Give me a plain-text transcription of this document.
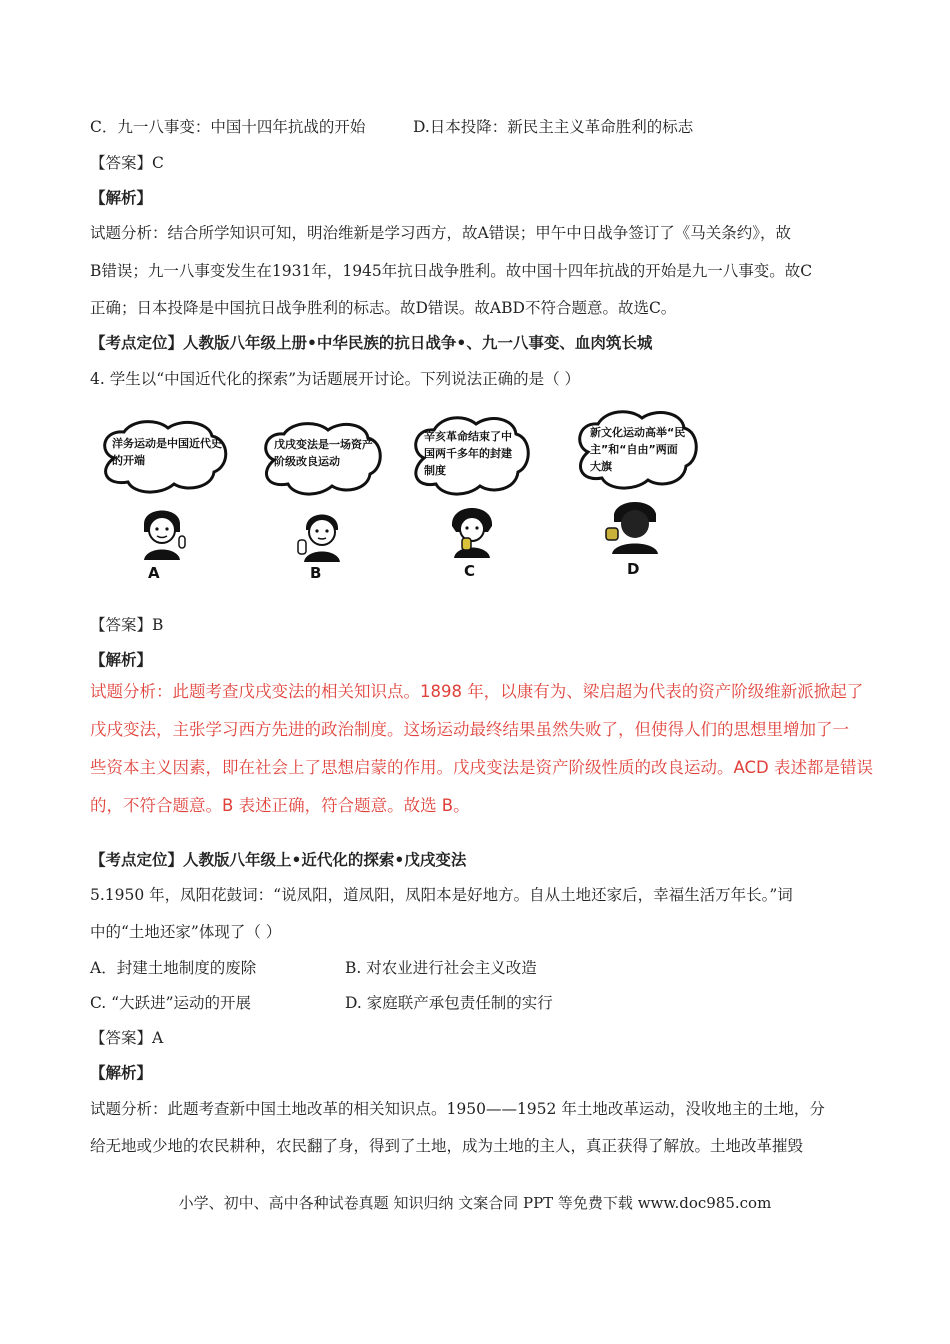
C．九一八事变：中国十四年抗战的开始	D.日本投降：新民主主义革命胜利的标志
【答案】C
【解析】
试题分析：结合所学知识可知，明治维新是学习西方，故A错误；甲午中日战争签订了《马关条约》，故
B错误；九一八事变发生在1931年，1945年抗日战争胜利。故中国十四年抗战的开始是九一八事变。故C
正确；日本投降是中国抗日战争胜利的标志。故D错误。故ABD不符合题意。故选C。
【考点定位】人教版八年级上册•中华民族的抗日战争•、九一八事变、血肉筑长城
4. 学生以“中国近代化的探索”为话题展开讨论。下列说法正确的是（ ）
洋务运动是中国近代史的开端
戊戌变法是一场资产阶级改良运动
辛亥革命结束了中国两千多年的封建制度
新文化运动高举“民主”和“自由”两面大旗
A	B	C	D
【答案】B
【解析】
试题分析：此题考查戊戌变法的相关知识点。1898 年，以康有为、梁启超为代表的资产阶级维新派掀起了
戊戌变法，主张学习西方先进的政治制度。这场运动最终结果虽然失败了，但使得人们的思想里增加了一
些资本主义因素，即在社会上了思想启蒙的作用。戊戌变法是资产阶级性质的改良运动。ACD 表述都是错误
的，不符合题意。B 表述正确，符合题意。故选 B。
【考点定位】人教版八年级上•近代化的探索•戊戌变法
5.1950 年，凤阳花鼓词：“说凤阳，道凤阳，凤阳本是好地方。自从土地还家后，幸福生活万年长。”词
中的“土地还家”体现了（ ）
A．封建土地制度的废除	B. 对农业进行社会主义改造
C. “大跃进”运动的开展	D. 家庭联产承包责任制的实行
【答案】A
【解析】
试题分析：此题考查新中国土地改革的相关知识点。1950——1952 年土地改革运动，没收地主的土地，分
给无地或少地的农民耕种，农民翻了身，得到了土地，成为土地的主人，真正获得了解放。土地改革摧毁
小学、初中、高中各种试卷真题 知识归纳 文案合同 PPT 等免费下载 www.doc985.com
